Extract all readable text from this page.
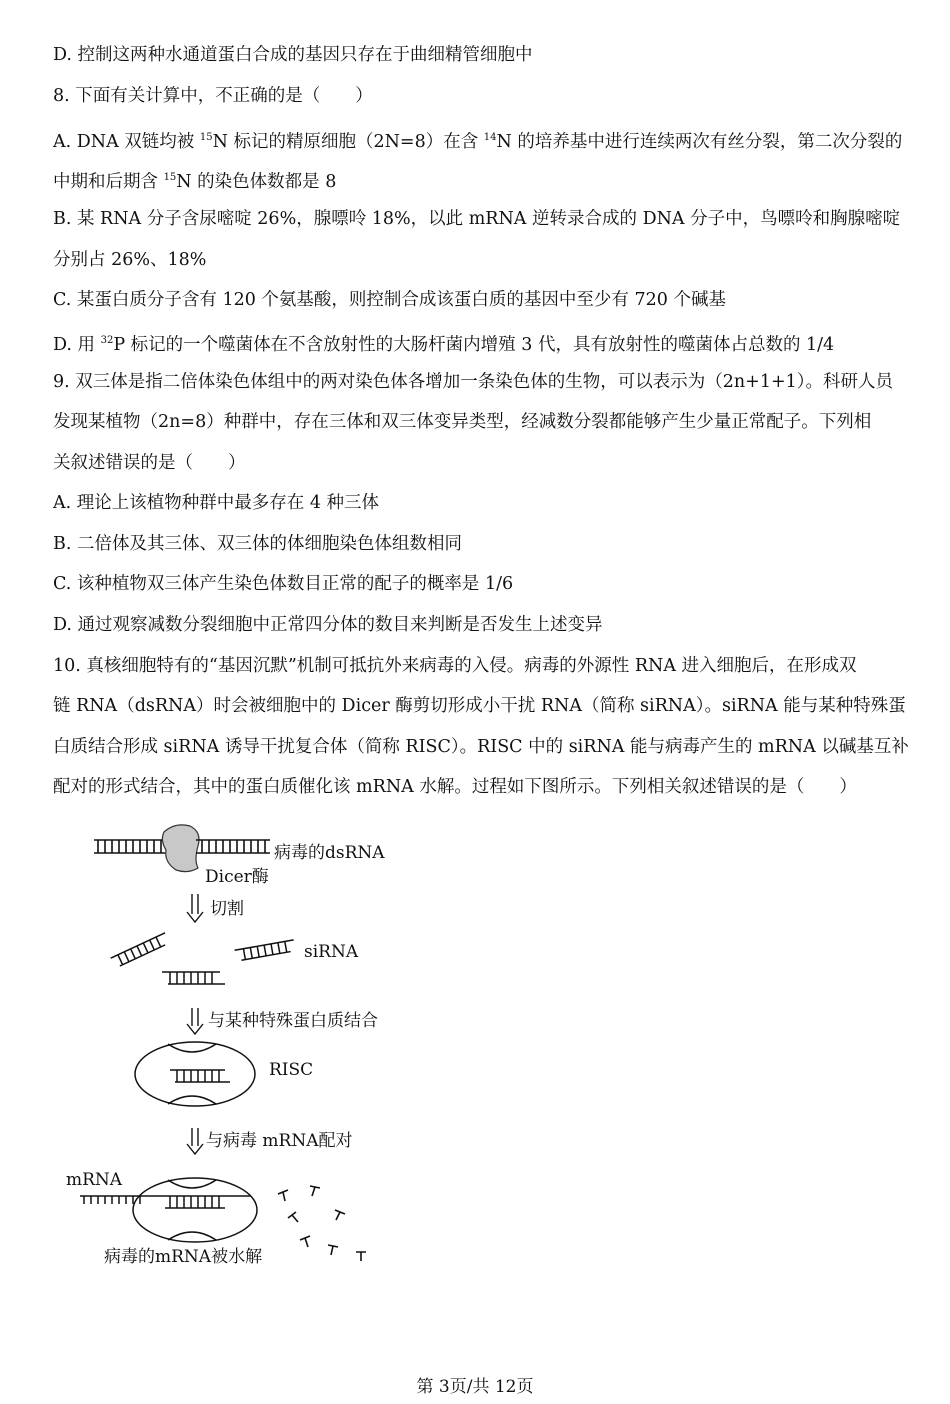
D. 控制这两种水通道蛋白合成的基因只存在于曲细精管细胞中
8. 下面有关计算中，不正确的是（　　）
A. DNA 双链均被 $^{15}$N 标记的精原细胞（2N=8）在含 $^{14}$N 的培养基中进行连续两次有丝分裂，第二次分裂的
中期和后期含 $^{15}$N 的染色体数都是 8
B. 某 RNA 分子含尿嘧啶 26%，腺嘌呤 18%，以此 mRNA 逆转录合成的 DNA 分子中，鸟嘌呤和胸腺嘧啶
分别占 26%、18%
C. 某蛋白质分子含有 120 个氨基酸，则控制合成该蛋白质的基因中至少有 720 个碱基
D. 用 $^{32}$P 标记的一个噬菌体在不含放射性的大肠杆菌内增殖 3 代，具有放射性的噬菌体占总数的 1/4
9. 双三体是指二倍体染色体组中的两对染色体各增加一条染色体的生物，可以表示为（2n+1+1）。科研人员
发现某植物（2n=8）种群中，存在三体和双三体变异类型，经减数分裂都能够产生少量正常配子。下列相
关叙述错误的是（　　）
A. 理论上该植物种群中最多存在 4 种三体
B. 二倍体及其三体、双三体的体细胞染色体组数相同
C. 该种植物双三体产生染色体数目正常的配子的概率是 1/6
D. 通过观察减数分裂细胞中正常四分体的数目来判断是否发生上述变异
10. 真核细胞特有的“基因沉默”机制可抵抗外来病毒的入侵。病毒的外源性 RNA 进入细胞后，在形成双
链 RNA（dsRNA）时会被细胞中的 Dicer 酶剪切形成小干扰 RNA（简称 siRNA）。siRNA 能与某种特殊蛋
白质结合形成 siRNA 诱导干扰复合体（简称 RISC）。RISC 中的 siRNA 能与病毒产生的 mRNA 以碱基互补
配对的形式结合，其中的蛋白质催化该 mRNA 水解。过程如下图所示。下列相关叙述错误的是（　　）
病毒的dsRNA
Dicer酶
切割
siRNA
与某种特殊蛋白质结合
RISC
与病毒 mRNA配对
mRNA
病毒的mRNA被水解
第 3页/共 12页
